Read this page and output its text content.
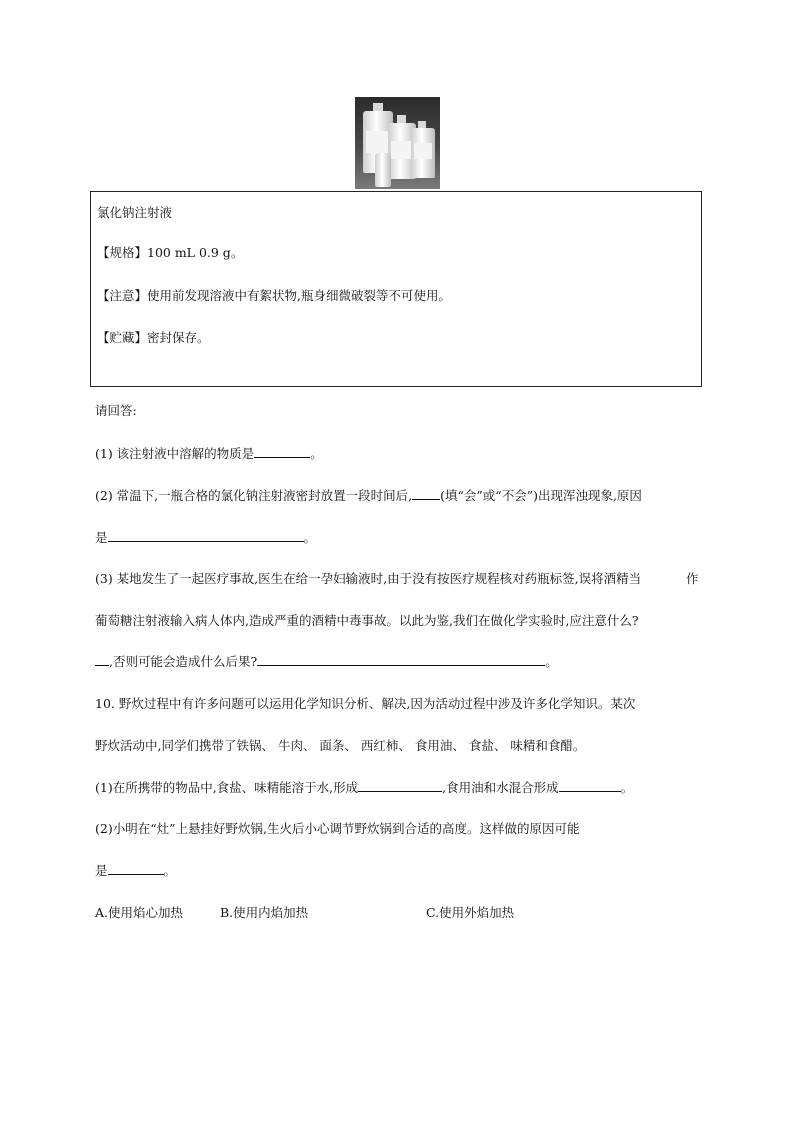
氯化钠注射液
【规格】100 mL 0.9 g。
【注意】使用前发现溶液中有絮状物,瓶身细微破裂等不可使用。
【贮藏】密封保存。
请回答:
(1) 该注射液中溶解的物质是	。
(2) 常温下,一瓶合格的氯化钠注射液密封放置一段时间后, (填“会”或“不会”)出现浑浊现象,原因
是	。
(3) 某地发生了一起医疗事故,医生在给一孕妇输液时,由于没有按医疗规程核对药瓶标签,误将酒精当	作
葡萄糖注射液输入病人体内,造成严重的酒精中毒事故。以此为鉴,我们在做化学实验时,应注意什么?
,否则可能会造成什么后果?	。
10. 野炊过程中有许多问题可以运用化学知识分析、解决,因为活动过程中涉及许多化学知识。某次
野炊活动中,同学们携带了铁锅、 牛肉、 面条、 西红柿、 食用油、 食盐、 味精和食醋。
(1)在所携带的物品中,食盐、味精能溶于水,形成	,食用油和水混合形成	。
(2)小明在“灶”上悬挂好野炊锅,生火后小心调节野炊锅到合适的高度。这样做的原因可能
是	。
A.使用焰心加热	B.使用内焰加热	C.使用外焰加热
